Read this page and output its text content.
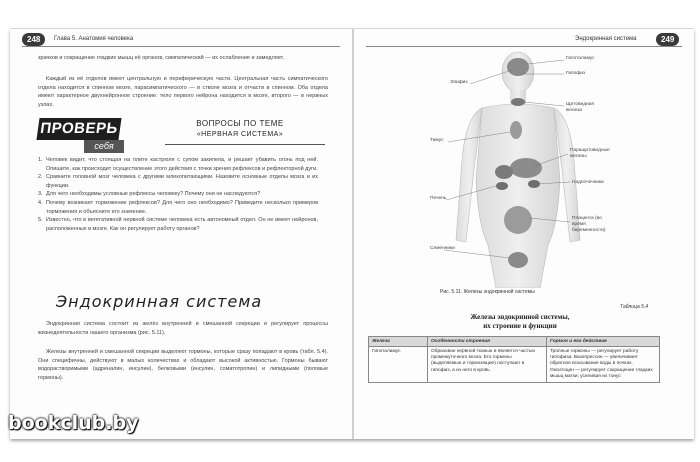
248	Глава 5. Анатомия человека	Эндокринная система	249
зрачков и сокращение гладких мышц её органов, симпатический — их ослабление и замедляет.
Каждый из её отделов имеет центральную и периферическую части. Центральная часть симпатического отдела находится в спинном мозге, парасимпатического — в стволе мозга и отчасти в спинном. Оба отдела имеют характерное двухнейронное строение: тело первого нейрона находится в мозге, второго — в нервных узлах.
ПРОВЕРЬ
себя
ВОПРОСЫ ПО ТЕМЕ
«НЕРВНАЯ СИСТЕМА»
1. Человек видит, что стоящая на плите кастрюля с супом закипела, и решает убавить огонь под ней. Опишите, как происходит осуществление этого действия с точки зрения рефлексов и рефлекторной дуги.
2. Сравните головной мозг человека с другими млекопитающими. Назовите основные отделы мозга и их функции.
3. Для чего необходимы условные рефлексы человеку? Почему они не наследуются?
4. Почему возникает торможение рефлексов? Для чего оно необходимо? Приведите несколько примеров торможения и объясните его значение.
5. Известно, что в вегетативной нервной системе человека есть автономный отдел. Он не имеет нейронов, расположенных в мозге. Как он регулирует работу органов?
Эндокринная система
Эндокринная система состоит из желёз внутренней и смешанной секреции и регулирует процессы жизнедеятельности нашего организма (рис. 5.11).
Железы внутренней и смешанной секреции выделяют гормоны, которые сразу попадают в кровь (табл. 5.4). Они специфичны, действуют в малых количествах и обладают высокой активностью. Гормоны бывают водорастворимыми (адреналин, инсулин), белковыми (инсулин, соматотропин) и липидными (половые гормоны).
Гипоталамус
Гипофиз
Эпифиз
Щитовидная железа
Тимус
Паращитовидные железы
Надпочечники
Печень
Плацента (во время беременности)
Семенники
Рис. 5.11. Железы эндокринной системы
Таблица 5.4
Железы эндокринной системы,
их строение и функции
Железа	Особенности строения	Гормон и его действие
Гипоталамус	Образован нервной тканью и является частью промежуточного мозга. Его гормоны (выделяемые и тормозящие) поступают в гипофиз, а из него в кровь	Тропные гормоны — регулирует работу гипофиза. Вазопрессин — увеличивает обратное всасывание воды в почках. Окситоцин — регулирует сокращение гладких мышц матки, усиливая их тонус
bookclub.by
